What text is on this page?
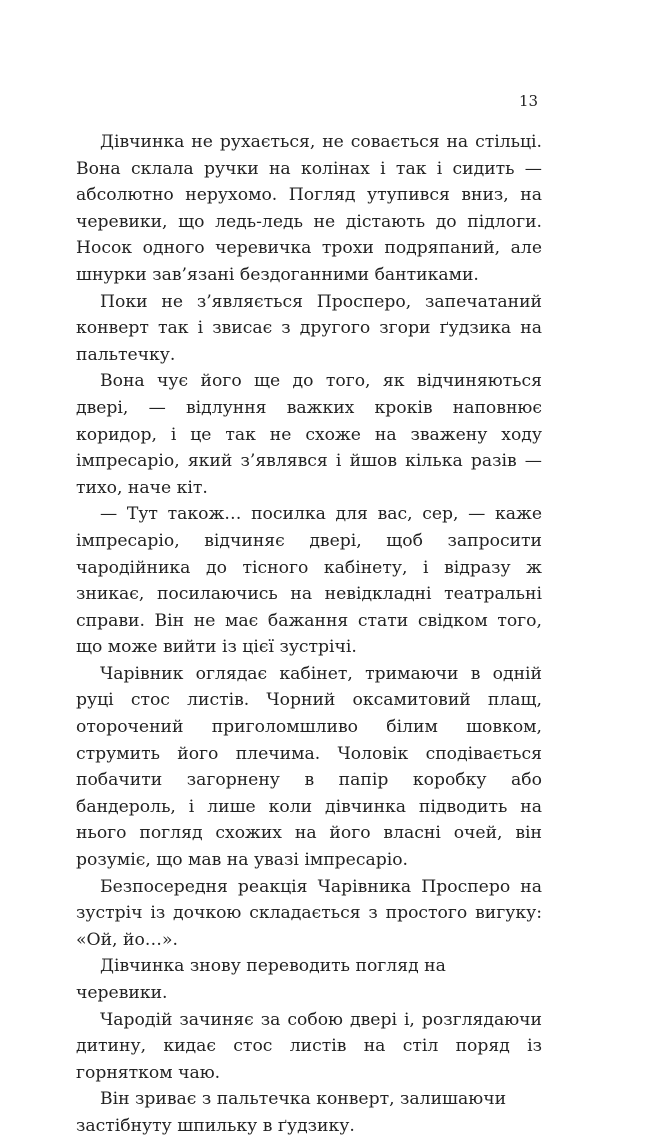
13

Дівчинка не рухається, не совається на стільці. Вона склала ручки на колінах і так і сидить — абсолютно нерухомо. Погляд утупився вниз, на черевики, що ледь-ледь не дістають до підлоги. Носок одного черевичка трохи подряпаний, але шнурки зав’язані бездоганними бантиками.

Поки не з’являється Просперо, запечатаний конверт так і звисає з другого згори ґудзика на пальтечку.

Вона чує його ще до того, як відчиняються двері, — відлуння важких кроків наповнює коридор, і це так не схоже на зважену ходу імпресаріо, який з’являвся і йшов кілька разів — тихо, наче кіт.

— Тут також… посилка для вас, сер, — каже імпресаріо, відчиняє двері, щоб запросити чародійника до тісного кабінету, і відразу ж зникає, посилаючись на невідкладні театральні справи. Він не має бажання стати свідком того, що може вийти із цієї зустрічі.

Чарівник оглядає кабінет, тримаючи в одній руці стос листів. Чорний оксамитовий плащ, оторочений приголомшливо білим шовком, струмить його плечима. Чоловік сподівається побачити загорнену в папір коробку або бандероль, і лише коли дівчинка підводить на нього погляд схожих на його власні очей, він розуміє, що мав на увазі імпресаріо.

Безпосередня реакція Чарівника Просперо на зустріч із дочкою складається з простого вигуку: «Ой, йо…».

Дівчинка знову переводить погляд на черевики.

Чародій зачиняє за собою двері і, розглядаючи дитину, кидає стос листів на стіл поряд із горнятком чаю.

Він зриває з пальтечка конверт, залишаючи застібнуту шпильку в ґудзику.
